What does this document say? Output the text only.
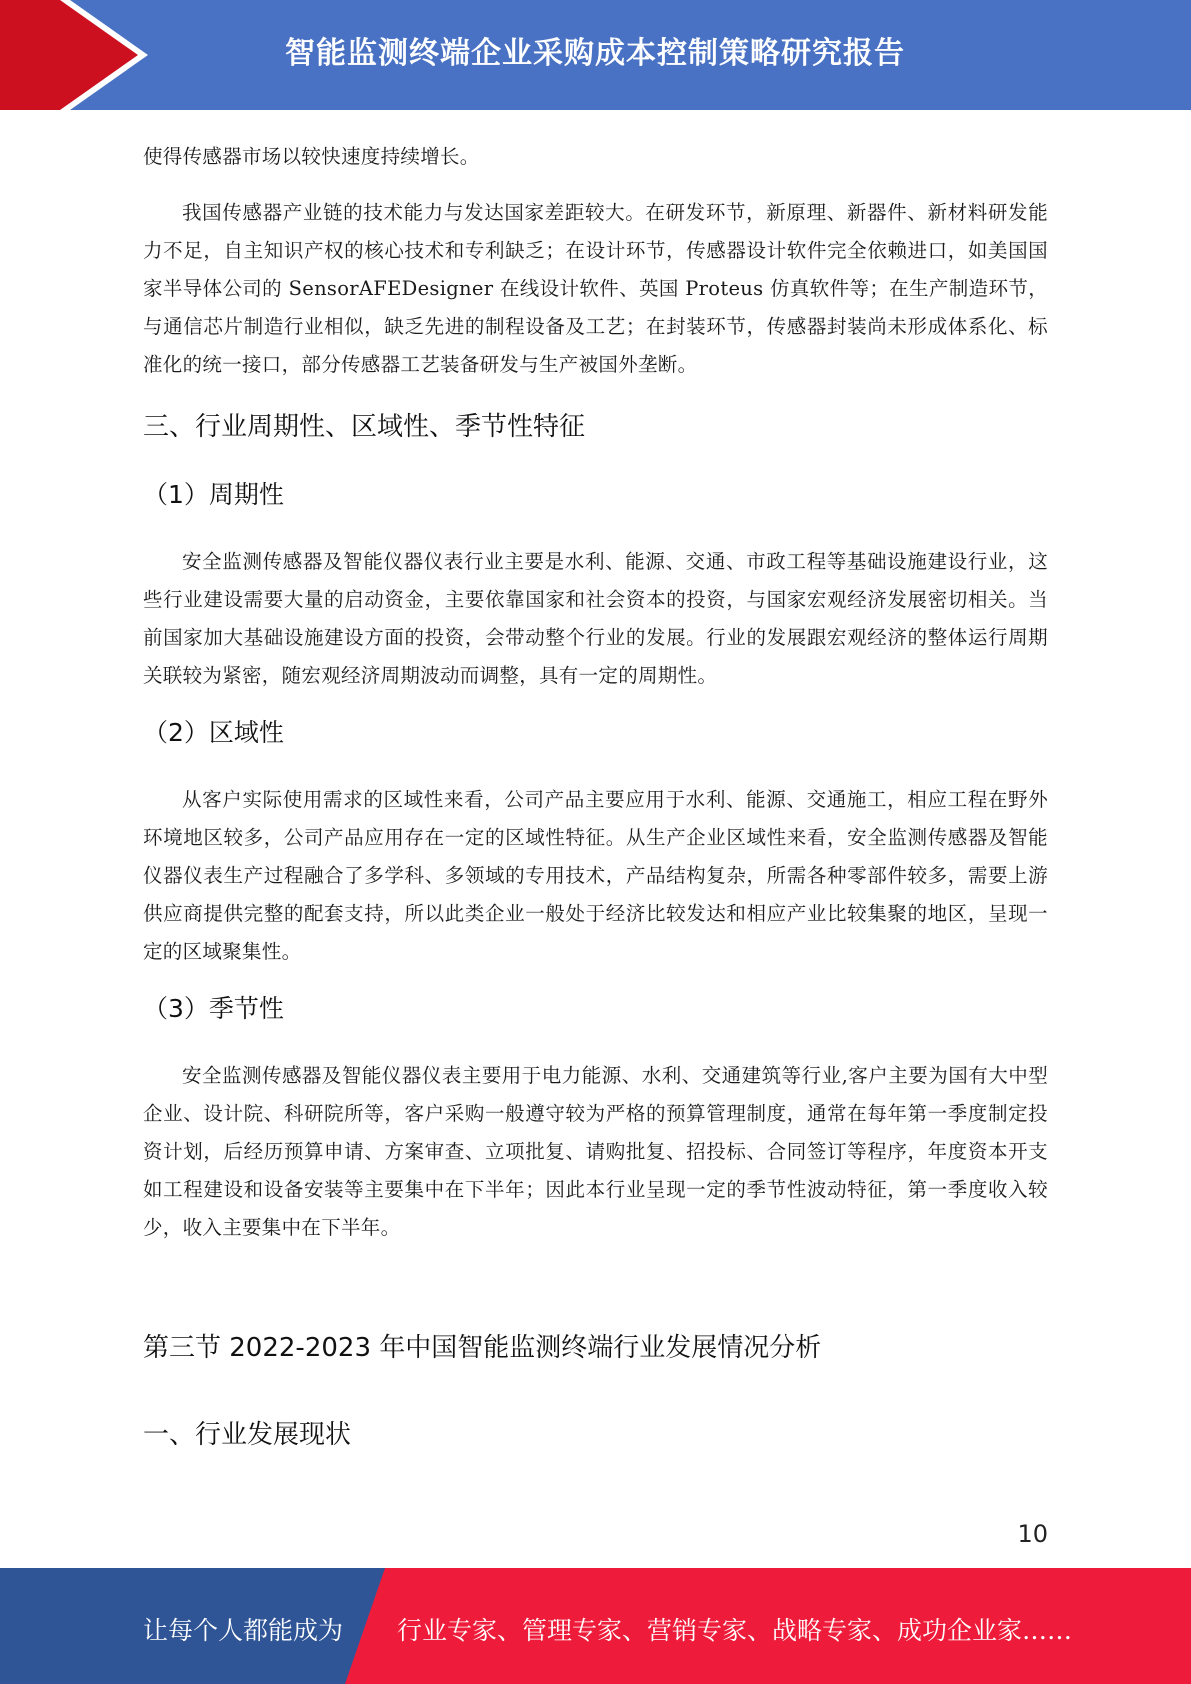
智能监测终端企业采购成本控制策略研究报告

使得传感器市场以较快速度持续增长。

我国传感器产业链的技术能力与发达国家差距较大。在研发环节，新原理、新器件、新材料研发能力不足，自主知识产权的核心技术和专利缺乏；在设计环节，传感器设计软件完全依赖进口，如美国国家半导体公司的 SensorAFEDesigner 在线设计软件、英国 Proteus 仿真软件等；在生产制造环节，与通信芯片制造行业相似，缺乏先进的制程设备及工艺；在封装环节，传感器封装尚未形成体系化、标准化的统一接口，部分传感器工艺装备研发与生产被国外垄断。

三、行业周期性、区域性、季节性特征
（1）周期性

安全监测传感器及智能仪器仪表行业主要是水利、能源、交通、市政工程等基础设施建设行业，这些行业建设需要大量的启动资金，主要依靠国家和社会资本的投资，与国家宏观经济发展密切相关。当前国家加大基础设施建设方面的投资，会带动整个行业的发展。行业的发展跟宏观经济的整体运行周期关联较为紧密，随宏观经济周期波动而调整，具有一定的周期性。

（2）区域性

从客户实际使用需求的区域性来看，公司产品主要应用于水利、能源、交通施工，相应工程在野外环境地区较多，公司产品应用存在一定的区域性特征。从生产企业区域性来看，安全监测传感器及智能仪器仪表生产过程融合了多学科、多领域的专用技术，产品结构复杂，所需各种零部件较多，需要上游供应商提供完整的配套支持，所以此类企业一般处于经济比较发达和相应产业比较集聚的地区，呈现一定的区域聚集性。

（3）季节性

安全监测传感器及智能仪器仪表主要用于电力能源、水利、交通建筑等行业,客户主要为国有大中型企业、设计院、科研院所等，客户采购一般遵守较为严格的预算管理制度，通常在每年第一季度制定投资计划，后经历预算申请、方案审查、立项批复、请购批复、招投标、合同签订等程序，年度资本开支如工程建设和设备安装等主要集中在下半年；因此本行业呈现一定的季节性波动特征，第一季度收入较少，收入主要集中在下半年。

第三节 2022-2023 年中国智能监测终端行业发展情况分析
一、行业发展现状
10
让每个人都能成为 行业专家、管理专家、营销专家、战略专家、成功企业家……
